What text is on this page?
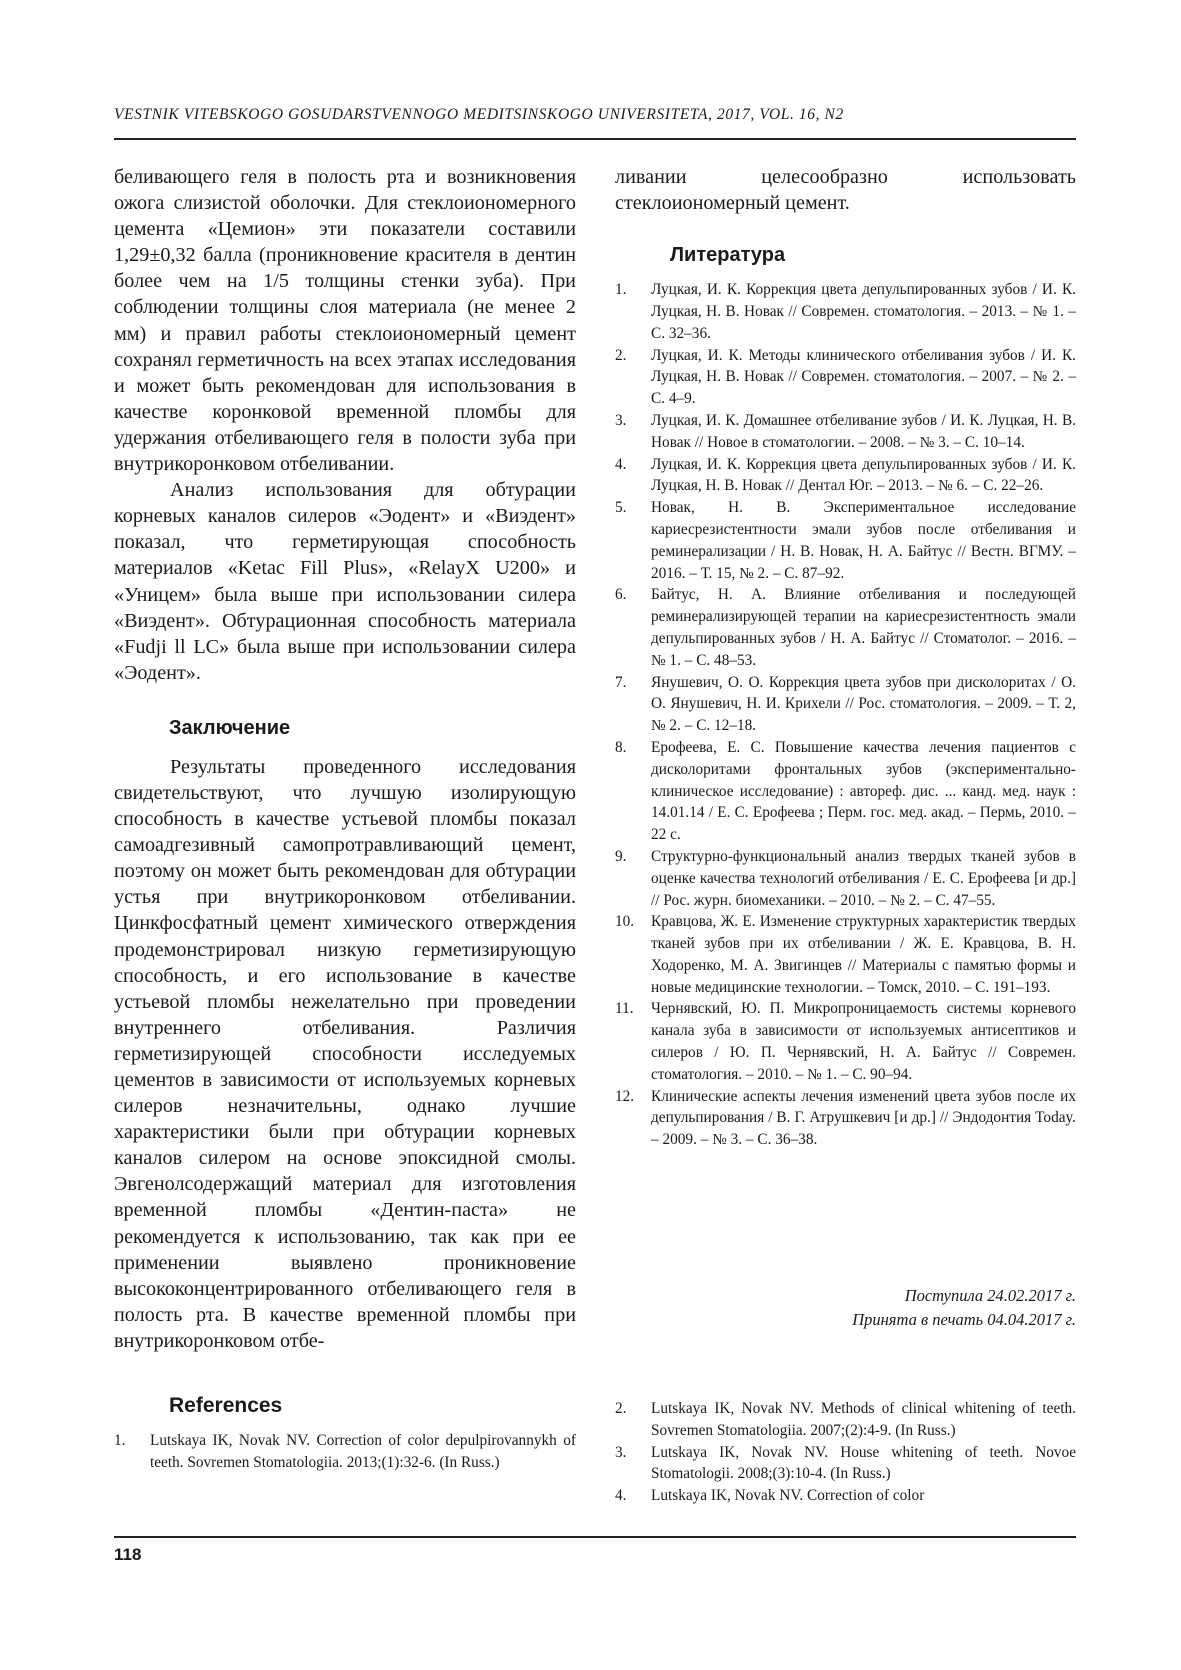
VESTNIK VITEBSKOGO GOSUDARSTVENNOGO MEDITSINSKOGO UNIVERSITETA, 2017, VOL. 16, N2

беливающего геля в полость рта и возникновения ожога слизистой оболочки. Для стеклоиономерного цемента «Цемион» эти показатели составили 1,29±0,32 балла (проникновение красителя в дентин более чем на 1/5 толщины стенки зуба). При соблюдении толщины слоя материала (не менее 2 мм) и правил работы стеклоиономерный цемент сохранял герметичность на всех этапах исследования и может быть рекомендован для использования в качестве коронковой временной пломбы для удержания отбеливающего геля в полости зуба при внутрикоронковом отбеливании.

Анализ использования для обтурации корневых каналов силеров «Эодент» и «Виэдент» показал, что герметирующая способность материалов «Ketac Fill Plus», «RelayX U200» и «Уницем» была выше при использовании силера «Виэдент». Обтурационная способность материала «Fudji ll LC» была выше при использовании силера «Эодент».

Заключение

Результаты проведенного исследования свидетельствуют, что лучшую изолирующую способность в качестве устьевой пломбы показал самоадгезивный самопротравливающий цемент, поэтому он может быть рекомендован для обтурации устья при внутрикоронковом отбеливании. Цинкфосфатный цемент химического отверждения продемонстрировал низкую герметизирующую способность, и его использование в качестве устьевой пломбы нежелательно при проведении внутреннего отбеливания. Различия герметизирующей способности исследуемых цементов в зависимости от используемых корневых силеров незначительны, однако лучшие характеристики были при обтурации корневых каналов силером на основе эпоксидной смолы. Эвгенолсодержащий материал для изготовления временной пломбы «Дентин-паста» не рекомендуется к использованию, так как при ее применении выявлено проникновение высококонцентрированного отбеливающего геля в полость рта. В качестве временной пломбы при внутрикоронковом отбе-

ливании целесообразно использовать стеклоиономерный цемент.

Литература
1. Луцкая, И. К. Коррекция цвета депульпированных зубов / И. К. Луцкая, Н. В. Новак // Современ. стоматология. – 2013. – № 1. – С. 32–36.
2. Луцкая, И. К. Методы клинического отбеливания зубов / И. К. Луцкая, Н. В. Новак // Современ. стоматология. – 2007. – № 2. – С. 4–9.
3. Луцкая, И. К. Домашнее отбеливание зубов / И. К. Луцкая, Н. В. Новак // Новое в стоматологии. – 2008. – № 3. – С. 10–14.
4. Луцкая, И. К. Коррекция цвета депульпированных зубов / И. К. Луцкая, Н. В. Новак // Дентал Юг. – 2013. – № 6. – С. 22–26.
5. Новак, Н. В. Экспериментальное исследование кариесрезистентности эмали зубов после отбеливания и реминерализации / Н. В. Новак, Н. А. Байтус // Вестн. ВГМУ. – 2016. – Т. 15, № 2. – С. 87–92.
6. Байтус, Н. А. Влияние отбеливания и последующей реминерализирующей терапии на кариесрезистентность эмали депульпированных зубов / Н. А. Байтус // Стоматолог. – 2016. – № 1. – С. 48–53.
7. Янушевич, О. О. Коррекция цвета зубов при дисколоритах / О. О. Янушевич, Н. И. Крихели // Рос. стоматология. – 2009. – Т. 2, № 2. – С. 12–18.
8. Ерофеева, Е. С. Повышение качества лечения пациентов с дисколоритами фронтальных зубов (экспериментально-клиническое исследование) : автореф. дис. ... канд. мед. наук : 14.01.14 / Е. С. Ерофеева ; Перм. гос. мед. акад. – Пермь, 2010. – 22 с.
9. Структурно-функциональный анализ твердых тканей зубов в оценке качества технологий отбеливания / Е. С. Ерофеева [и др.] // Рос. журн. биомеханики. – 2010. – № 2. – С. 47–55.
10. Кравцова, Ж. Е. Изменение структурных характеристик твердых тканей зубов при их отбеливании / Ж. Е. Кравцова, В. Н. Ходоренко, М. А. Звигинцев // Материалы с памятью формы и новые медицинские технологии. – Томск, 2010. – С. 191–193.
11. Чернявский, Ю. П. Микропроницаемость системы корневого канала зуба в зависимости от используемых антисептиков и силеров / Ю. П. Чернявский, Н. А. Байтус // Современ. стоматология. – 2010. – № 1. – С. 90–94.
12. Клинические аспекты лечения изменений цвета зубов после их депульпирования / В. Г. Атрушкевич [и др.] // Эндодонтия Today. – 2009. – № 3. – С. 36–38.
Поступила 24.02.2017 г.
Принята в печать 04.04.2017 г.
References
1. Lutskaya IK, Novak NV. Correction of color depulpirovannykh of teeth. Sovremen Stomatologiia. 2013;(1):32-6. (In Russ.)
2. Lutskaya IK, Novak NV. Methods of clinical whitening of teeth. Sovremen Stomatologiia. 2007;(2):4-9. (In Russ.)
3. Lutskaya IK, Novak NV. House whitening of teeth. Novoe Stomatologii. 2008;(3):10-4. (In Russ.)
4. Lutskaya IK, Novak NV. Correction of color
118
